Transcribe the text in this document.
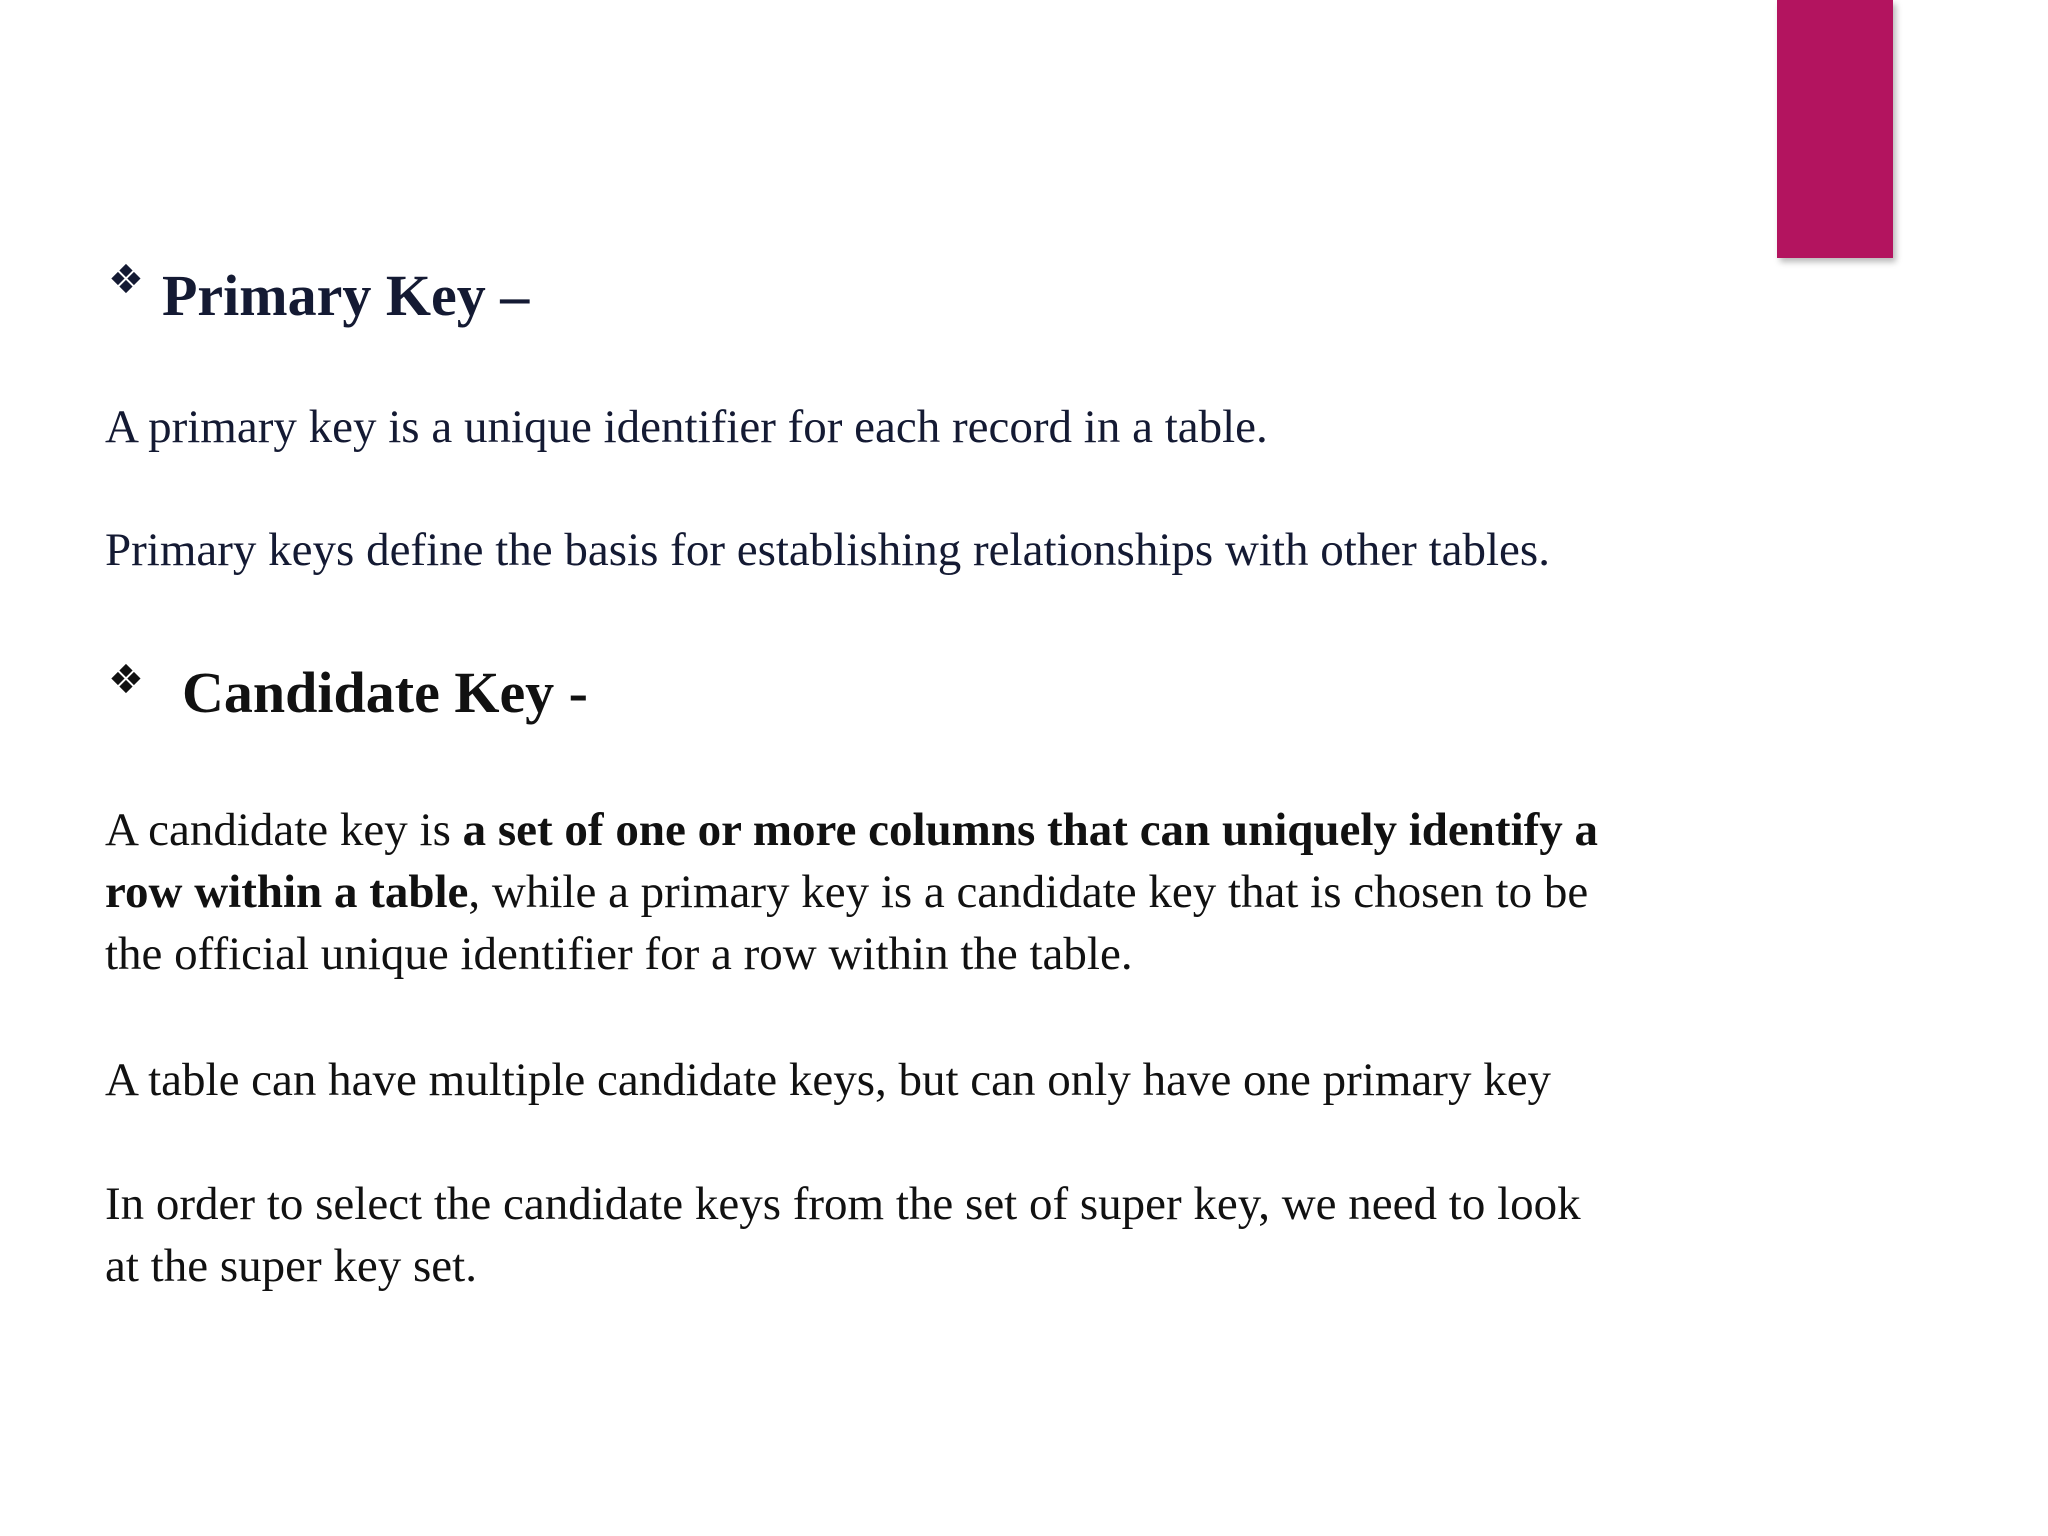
❖ Primary Key –
A primary key is a unique identifier for each record in a table.
Primary keys define the basis for establishing relationships with other tables.
❖ Candidate Key -
A candidate key is a set of one or more columns that can uniquely identify a
row within a table, while a primary key is a candidate key that is chosen to be
the official unique identifier for a row within the table.
A table can have multiple candidate keys, but can only have one primary key
In order to select the candidate keys from the set of super key, we need to look
at the super key set.
